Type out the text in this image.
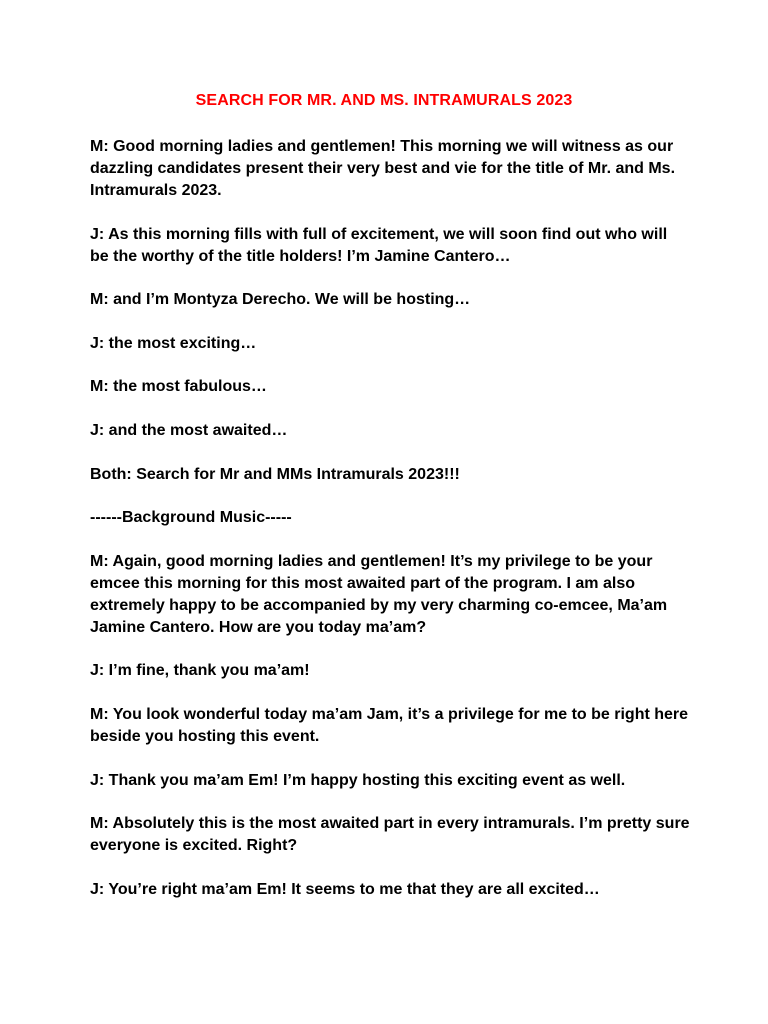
SEARCH FOR MR. AND MS. INTRAMURALS 2023

M: Good morning ladies and gentlemen! This morning we will witness as our dazzling candidates present their very best and vie for the title of Mr. and Ms. Intramurals 2023.

J: As this morning fills with full of excitement, we will soon find out who will be the worthy of the title holders! I’m Jamine Cantero…

M: and I’m Montyza Derecho. We will be hosting…

J: the most exciting…

M: the most fabulous…

J: and the most awaited…

Both: Search for Mr and MMs Intramurals 2023!!!

------Background Music-----

M: Again, good morning ladies and gentlemen! It’s my privilege to be your emcee this morning for this most awaited part of the program. I am also extremely happy to be accompanied by my very charming co-emcee, Ma’am Jamine Cantero. How are you today ma’am?

J: I’m fine, thank you ma’am!

M: You look wonderful today ma’am Jam, it’s a privilege for me to be right here beside you hosting this event.

J: Thank you ma’am Em! I’m happy hosting this exciting event as well.

M: Absolutely this is the most awaited part in every intramurals. I’m pretty sure everyone is excited. Right?

J: You’re right ma’am Em! It seems to me that they are all excited…
